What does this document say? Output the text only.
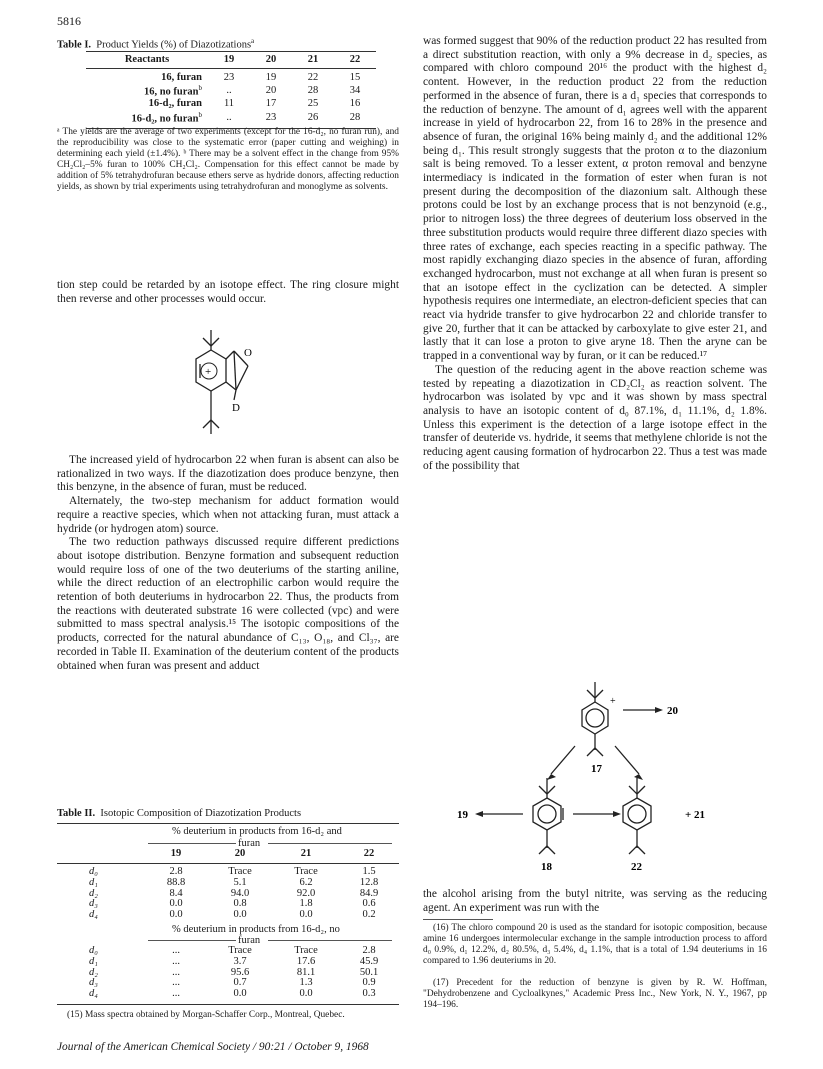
5816
Table I. Product Yields (%) of Diazotizations$^a$
Reactants	19	20	21	22
16, furan	23	19	22	15
16, no furan$^b$	..	20	28	34
16-d₂, furan	11	17	25	16
16-d₂, no furan$^b$	..	23	26	28
ᵃ The yields are the average of two experiments (except for the 16-d₂, no furan run), and the reproducibility was close to the systematic error (paper cutting and weighing) in determining each yield (±1.4%). ᵇ There may be a solvent effect in the change from 95% CH₂Cl₂–5% furan to 100% CH₂Cl₂. Compensation for this effect cannot be made by addition of 5% tetrahydrofuran because ethers serve as hydride donors, affecting reduction yields, as shown by trial experiments using tetrahydrofuran and monoglyme as solvents.

tion step could be retarded by an isotope effect. The ring closure might then reverse and other processes would occur.

+
O
D

The increased yield of hydrocarbon 22 when furan is absent can also be rationalized in two ways. If the diazotization does produce benzyne, then this benzyne, in the absence of furan, must be reduced.

Alternately, the two-step mechanism for adduct formation would require a reactive species, which when not attacking furan, must attack a hydride (or hydrogen atom) source.

The two reduction pathways discussed require different predictions about isotope distribution. Benzyne formation and subsequent reduction would require loss of one of the two deuteriums of the starting aniline, while the direct reduction of an electrophilic carbon would require the retention of both deuteriums in hydrocarbon 22. Thus, the products from the reactions with deuterated substrate 16 were collected (vpc) and were submitted to mass spectral analysis.¹⁵ The isotopic compositions of the products, corrected for the natural abundance of C₁₃, O₁₈, and Cl₃₇, are recorded in Table II. Examination of the deuterium content of the products obtained when furan was present and adduct

Table II. Isotopic Composition of Diazotization Products
% deuterium in products from 16-d₂ and
furan
	19	20	21	22
d₀	2.8	Trace	Trace	1.5
d₁	88.8	5.1	6.2	12.8
d₂	8.4	94.0	92.0	84.9
d₃	0.0	0.8	1.8	0.6
d₄	0.0	0.0	0.0	0.2
% deuterium in products from 16-d₂, no
furan
d₀	...	Trace	Trace	2.8
d₁	...	3.7	17.6	45.9
d₂	...	95.6	81.1	50.1
d₃	...	0.7	1.3	0.9
d₄	...	0.0	0.0	0.3
(15) Mass spectra obtained by Morgan-Schaffer Corp., Montreal, Quebec.

was formed suggest that 90% of the reduction product 22 has resulted from a direct substitution reaction, with only a 9% decrease in d₂ species, as compared with chloro compound 20¹⁶ the product with the highest d₂ content. However, in the reduction product 22 from the reduction performed in the absence of furan, there is a d₁ species that corresponds to the reduction of benzyne. The amount of d₁ agrees well with the apparent increase in yield of hydrocarbon 22, from 16 to 28% in the presence and absence of furan, the original 16% being mainly d₂ and the additional 12% being d₁. This result strongly suggests that the proton α to the diazonium salt is being removed. To a lesser extent, α proton removal and benzyne intermediacy is indicated in the formation of ester when furan is not present during the decomposition of the diazonium salt. Although these protons could be lost by an exchange process that is not benzynoid (e.g., prior to nitrogen loss) the three degrees of deuterium loss observed in the three substitution products would require three different diazo species with three rates of exchange, each species reacting in a specific pathway. The most rapidly exchanging diazo species in the absence of furan, affording exchanged hydrocarbon, must not exchange at all when furan is present so that an isotope effect in the cyclization can be detected. A simpler hypothesis requires one intermediate, an electron-deficient species that can react via hydride transfer to give hydrocarbon 22 and chloride transfer to give 20, further that it can be attacked by carboxylate to give ester 21, and lastly that it can lose a proton to give aryne 18. Then the aryne can be trapped in a conventional way by furan, or it can be reduced.¹⁷

The question of the reducing agent in the above reaction scheme was tested by repeating a diazotization in CD₂Cl₂ as reaction solvent. The hydrocarbon was isolated by vpc and it was shown by mass spectral analysis to have an isotopic content of d₀ 87.1%, d₁ 11.1%, d₂ 1.8%. Unless this experiment is the detection of a large isotope effect in the transfer of deuteride vs. hydride, it seems that methylene chloride is not the reducing agent causing formation of hydrocarbon 22. Thus a test was made of the possibility that

+
20
17
19	+ 21
18	22

the alcohol arising from the butyl nitrite, was serving as the reducing agent. An experiment was run with the

(16) The chloro compound 20 is used as the standard for isotopic composition, because amine 16 undergoes intermolecular exchange in the sample introduction process to afford d₀ 0.9%, d₁ 12.2%, d₂ 80.5%, d₃ 5.4%, d₄ 1.1%, that is a total of 1.94 deuteriums in 16 compared to 1.96 deuteriums in 20.
(17) Precedent for the reduction of benzyne is given by R. W. Hoffman, "Dehydrobenzene and Cycloalkynes," Academic Press Inc., New York, N. Y., 1967, pp 194–196.
Journal of the American Chemical Society / 90:21 / October 9, 1968
